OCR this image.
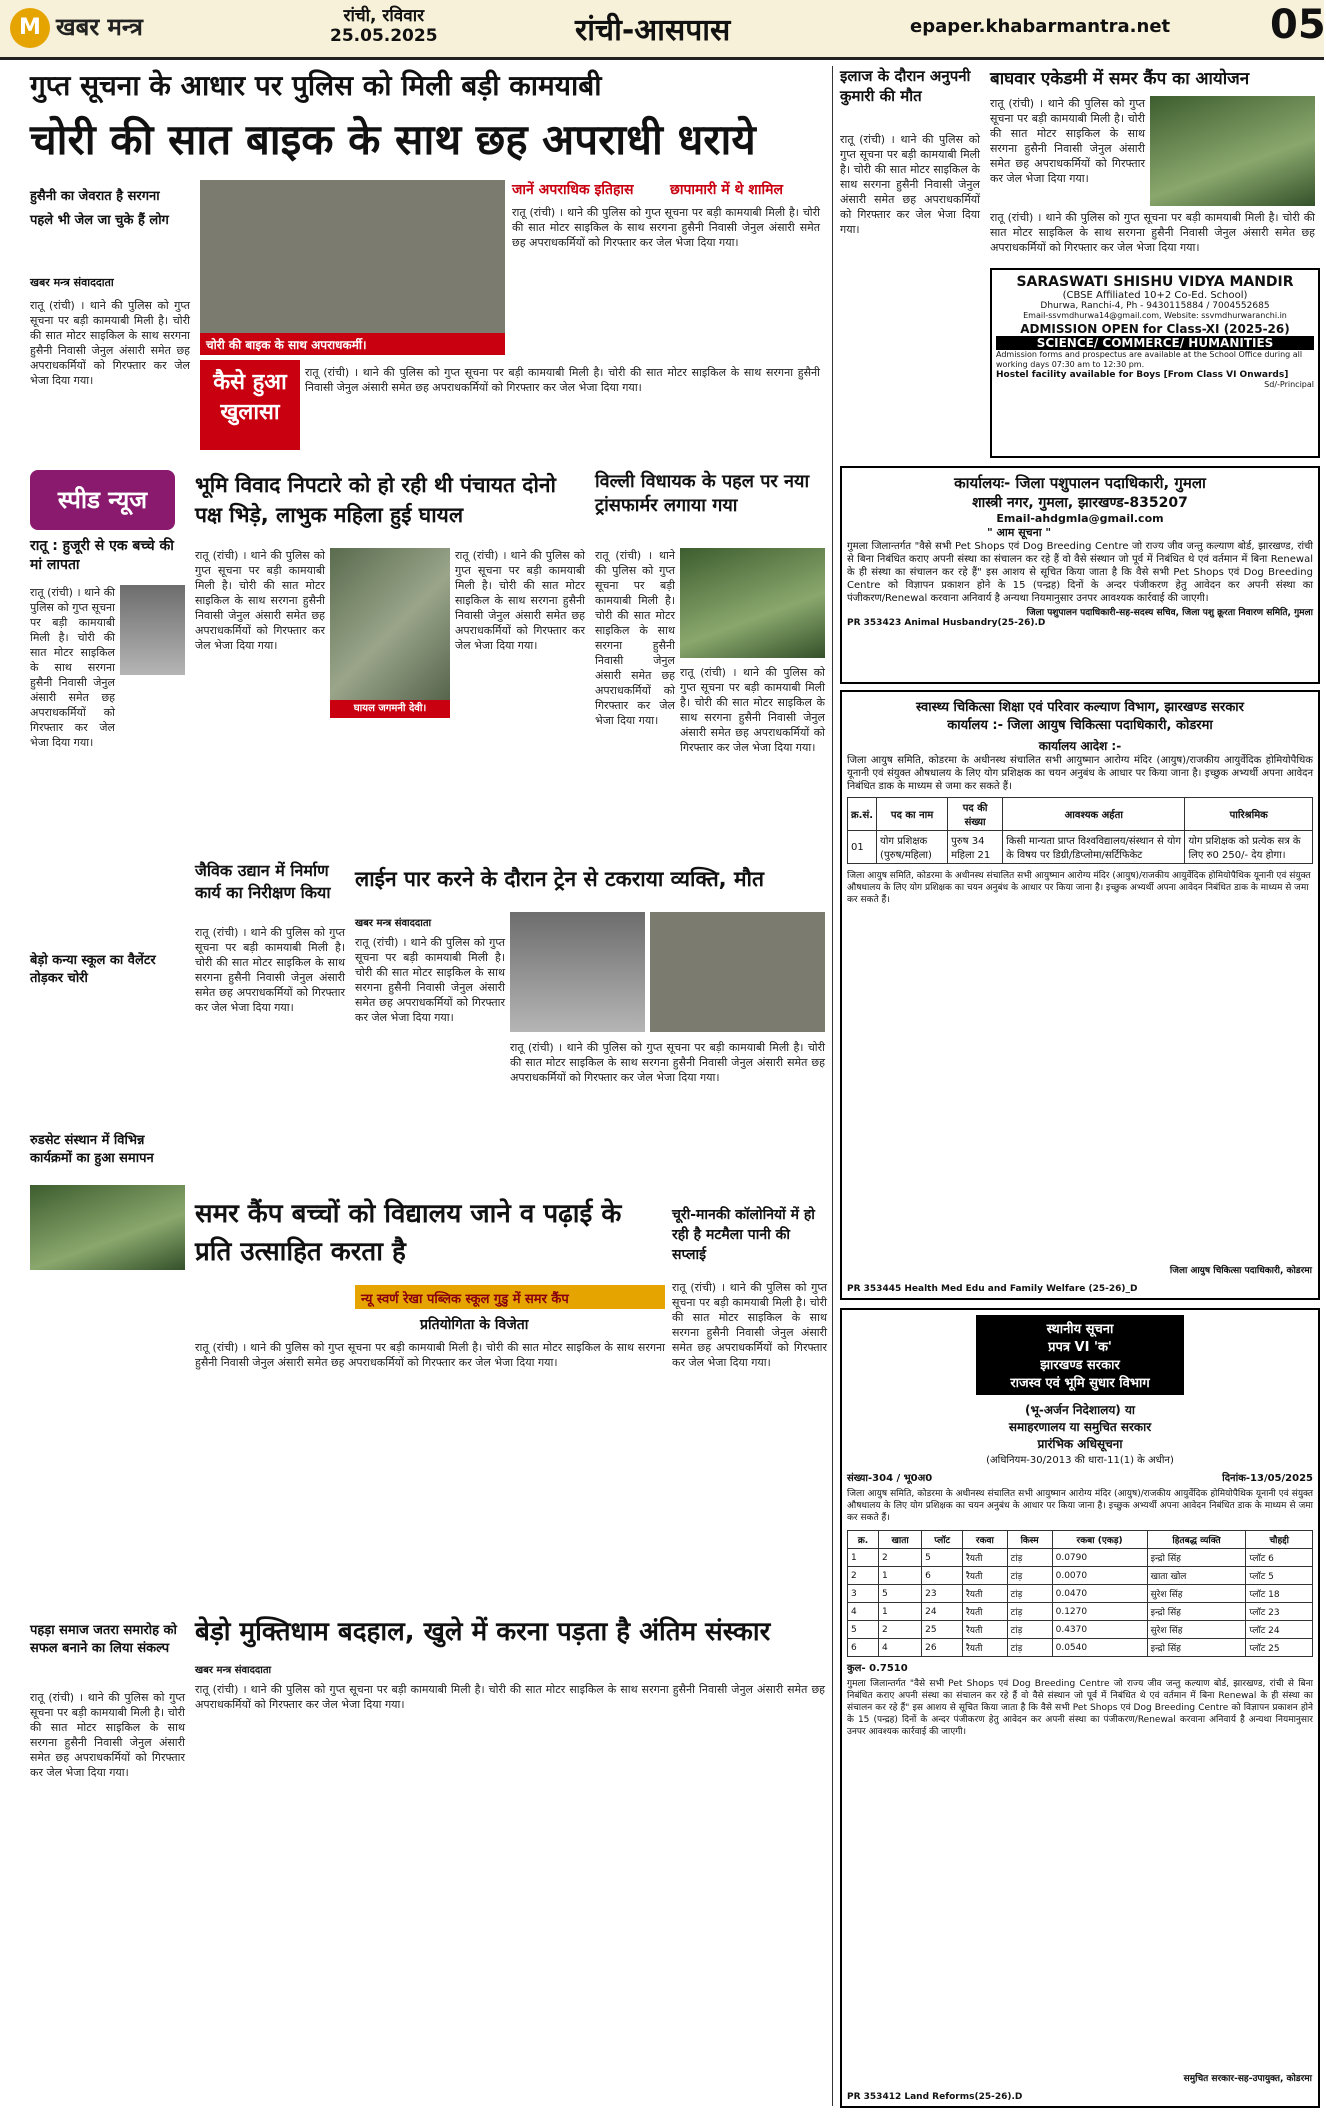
M खबर मन्त्र	रांची, रविवार
25.05.2025	रांची-आसपास	epaper.khabarmantra.net 05
गुप्त सूचना के आधार पर पुलिस को मिली बड़ी कामयाबी
चोरी की सात बाइक के साथ छह अपराधी धराये
हुसैनी का जेवरात है सरगना
पहले भी जेल जा चुके हैं लोग
चोरी की बाइक के साथ अपराधकर्मी।
खबर मन्त्र संवाददाता
रातू (रांची) । थाने की पुलिस को गुप्त सूचना पर बड़ी कामयाबी मिली है। चोरी की सात मोटर साइकिल के साथ सरगना हुसैनी निवासी जेनुल अंसारी समेत छह अपराधकर्मियों को गिरफ्तार कर जेल भेजा दिया गया।
जानें अपराधिक इतिहास	छापामारी में थे शामिल
रातू (रांची) । थाने की पुलिस को गुप्त सूचना पर बड़ी कामयाबी मिली है। चोरी की सात मोटर साइकिल के साथ सरगना हुसैनी निवासी जेनुल अंसारी समेत छह अपराधकर्मियों को गिरफ्तार कर जेल भेजा दिया गया।
कैसे हुआ खुलासा
रातू (रांची) । थाने की पुलिस को गुप्त सूचना पर बड़ी कामयाबी मिली है। चोरी की सात मोटर साइकिल के साथ सरगना हुसैनी निवासी जेनुल अंसारी समेत छह अपराधकर्मियों को गिरफ्तार कर जेल भेजा दिया गया।
स्पीड न्यूज
रातू : हुजूरी से एक बच्चे की मां लापता
रातू (रांची) । थाने की पुलिस को गुप्त सूचना पर बड़ी कामयाबी मिली है। चोरी की सात मोटर साइकिल के साथ सरगना हुसैनी निवासी जेनुल अंसारी समेत छह अपराधकर्मियों को गिरफ्तार कर जेल भेजा दिया गया।
बेड़ो कन्या स्कूल का वैलेंटर तोड़कर चोरी
रुडसेट संस्थान में विभिन्न कार्यक्रमों का हुआ समापन
पहड़ा समाज जतरा समारोह को सफल बनाने का लिया संकल्प
रातू (रांची) । थाने की पुलिस को गुप्त सूचना पर बड़ी कामयाबी मिली है। चोरी की सात मोटर साइकिल के साथ सरगना हुसैनी निवासी जेनुल अंसारी समेत छह अपराधकर्मियों को गिरफ्तार कर जेल भेजा दिया गया।
भूमि विवाद निपटारे को हो रही थी पंचायत दोनो पक्ष भिड़े, लाभुक महिला हुई घायल
घायल जगमनी देवी।
रातू (रांची) । थाने की पुलिस को गुप्त सूचना पर बड़ी कामयाबी मिली है। चोरी की सात मोटर साइकिल के साथ सरगना हुसैनी निवासी जेनुल अंसारी समेत छह अपराधकर्मियों को गिरफ्तार कर जेल भेजा दिया गया।
रातू (रांची) । थाने की पुलिस को गुप्त सूचना पर बड़ी कामयाबी मिली है। चोरी की सात मोटर साइकिल के साथ सरगना हुसैनी निवासी जेनुल अंसारी समेत छह अपराधकर्मियों को गिरफ्तार कर जेल भेजा दिया गया।
विल्ली विधायक के पहल पर नया ट्रांसफार्मर लगाया गया
रातू (रांची) । थाने की पुलिस को गुप्त सूचना पर बड़ी कामयाबी मिली है। चोरी की सात मोटर साइकिल के साथ सरगना हुसैनी निवासी जेनुल अंसारी समेत छह अपराधकर्मियों को गिरफ्तार कर जेल भेजा दिया गया।
रातू (रांची) । थाने की पुलिस को गुप्त सूचना पर बड़ी कामयाबी मिली है। चोरी की सात मोटर साइकिल के साथ सरगना हुसैनी निवासी जेनुल अंसारी समेत छह अपराधकर्मियों को गिरफ्तार कर जेल भेजा दिया गया।
जैविक उद्यान में निर्माण कार्य का निरीक्षण किया
रातू (रांची) । थाने की पुलिस को गुप्त सूचना पर बड़ी कामयाबी मिली है। चोरी की सात मोटर साइकिल के साथ सरगना हुसैनी निवासी जेनुल अंसारी समेत छह अपराधकर्मियों को गिरफ्तार कर जेल भेजा दिया गया।
लाईन पार करने के दौरान ट्रेन से टकराया व्यक्ति, मौत
खबर मन्त्र संवाददाता
रातू (रांची) । थाने की पुलिस को गुप्त सूचना पर बड़ी कामयाबी मिली है। चोरी की सात मोटर साइकिल के साथ सरगना हुसैनी निवासी जेनुल अंसारी समेत छह अपराधकर्मियों को गिरफ्तार कर जेल भेजा दिया गया।
रातू (रांची) । थाने की पुलिस को गुप्त सूचना पर बड़ी कामयाबी मिली है। चोरी की सात मोटर साइकिल के साथ सरगना हुसैनी निवासी जेनुल अंसारी समेत छह अपराधकर्मियों को गिरफ्तार कर जेल भेजा दिया गया।
समर कैंप बच्चों को विद्यालय जाने व पढ़ाई के प्रति उत्साहित करता है
न्यू स्वर्ण रेखा पब्लिक स्कूल गुडु में समर कैंप
प्रतियोगिता के विजेता
रातू (रांची) । थाने की पुलिस को गुप्त सूचना पर बड़ी कामयाबी मिली है। चोरी की सात मोटर साइकिल के साथ सरगना हुसैनी निवासी जेनुल अंसारी समेत छह अपराधकर्मियों को गिरफ्तार कर जेल भेजा दिया गया।
चूरी-मानकी कॉलोनियों में हो रही है मटमैला पानी की सप्लाई
रातू (रांची) । थाने की पुलिस को गुप्त सूचना पर बड़ी कामयाबी मिली है। चोरी की सात मोटर साइकिल के साथ सरगना हुसैनी निवासी जेनुल अंसारी समेत छह अपराधकर्मियों को गिरफ्तार कर जेल भेजा दिया गया।
बेड़ो मुक्तिधाम बदहाल, खुले में करना पड़ता है अंतिम संस्कार
खबर मन्त्र संवाददाता
रातू (रांची) । थाने की पुलिस को गुप्त सूचना पर बड़ी कामयाबी मिली है। चोरी की सात मोटर साइकिल के साथ सरगना हुसैनी निवासी जेनुल अंसारी समेत छह अपराधकर्मियों को गिरफ्तार कर जेल भेजा दिया गया।
इलाज के दौरान अनुपनी कुमारी की मौत
रातू (रांची) । थाने की पुलिस को गुप्त सूचना पर बड़ी कामयाबी मिली है। चोरी की सात मोटर साइकिल के साथ सरगना हुसैनी निवासी जेनुल अंसारी समेत छह अपराधकर्मियों को गिरफ्तार कर जेल भेजा दिया गया।
बाघवार एकेडमी में समर कैंप का आयोजन
रातू (रांची) । थाने की पुलिस को गुप्त सूचना पर बड़ी कामयाबी मिली है। चोरी की सात मोटर साइकिल के साथ सरगना हुसैनी निवासी जेनुल अंसारी समेत छह अपराधकर्मियों को गिरफ्तार कर जेल भेजा दिया गया।
रातू (रांची) । थाने की पुलिस को गुप्त सूचना पर बड़ी कामयाबी मिली है। चोरी की सात मोटर साइकिल के साथ सरगना हुसैनी निवासी जेनुल अंसारी समेत छह अपराधकर्मियों को गिरफ्तार कर जेल भेजा दिया गया।
SARASWATI SHISHU VIDYA MANDIR
(CBSE Affiliated 10+2 Co-Ed. School)
Dhurwa, Ranchi-4, Ph - 9430115884 / 7004552685
Email-ssvmdhurwa14@gmail.com, Website: ssvmdhurwaranchi.in
ADMISSION OPEN for Class-XI (2025-26)
SCIENCE/ COMMERCE/ HUMANITIES
Admission forms and prospectus are available at the School Office during all working days 07:30 am to 12:30 pm.
Hostel facility available for Boys [From Class VI Onwards]
Sd/-Principal
कार्यालयः- जिला पशुपालन पदाधिकारी, गुमला
शास्त्री नगर, गुमला, झारखण्ड-835207
Email-ahdgmla@gmail.com
" आम सूचना "
गुमला जिलान्तर्गत "वैसे सभी Pet Shops एवं Dog Breeding Centre जो राज्य जीव जन्तु कल्याण बोर्ड, झारखण्ड, रांची से बिना निबंधित कराए अपनी संस्था का संचालन कर रहे हैं वो वैसे संस्थान जो पूर्व में निबंधित थे एवं वर्तमान में बिना Renewal के ही संस्था का संचालन कर रहे हैं" इस आशय से सूचित किया जाता है कि वैसे सभी Pet Shops एवं Dog Breeding Centre को विज्ञापन प्रकाशन होने के 15 (पन्द्रह) दिनों के अन्दर पंजीकरण हेतु आवेदन कर अपनी संस्था का पंजीकरण/Renewal करवाना अनिवार्य है अन्यथा नियमानुसार उनपर आवश्यक कार्रवाई की जाएगी।
जिला पशुपालन पदाधिकारी-सह-सदस्य सचिव, जिला पशु क्रूरता निवारण समिति, गुमला
PR 353423 Animal Husbandry(25-26).D
स्वास्थ्य चिकित्सा शिक्षा एवं परिवार कल्याण विभाग, झारखण्ड सरकार
कार्यालय :- जिला आयुष चिकित्सा पदाधिकारी, कोडरमा
कार्यालय आदेश :-
जिला आयुष समिति, कोडरमा के अधीनस्थ संचालित सभी आयुष्मान आरोग्य मंदिर (आयुष)/राजकीय आयुर्वेदिक होमियोपैथिक यूनानी एवं संयुक्त औषधालय के लिए योग प्रशिक्षक का चयन अनुबंध के आधार पर किया जाना है। इच्छुक अभ्यर्थी अपना आवेदन निबंधित डाक के माध्यम से जमा कर सकते हैं।
क्र.सं.	पद का नाम	पद की संख्या	आवश्यक अर्हता	पारिश्रमिक
01	योग प्रशिक्षक (पुरुष/महिला)	पुरुष 34 महिला 21	किसी मान्यता प्राप्त विश्वविद्यालय/संस्थान से योग के विषय पर डिग्री/डिप्लोमा/सर्टिफिकेट	योग प्रशिक्षक को प्रत्येक सत्र के लिए रु0 250/- देय होगा।
जिला आयुष समिति, कोडरमा के अधीनस्थ संचालित सभी आयुष्मान आरोग्य मंदिर (आयुष)/राजकीय आयुर्वेदिक होमियोपैथिक यूनानी एवं संयुक्त औषधालय के लिए योग प्रशिक्षक का चयन अनुबंध के आधार पर किया जाना है। इच्छुक अभ्यर्थी अपना आवेदन निबंधित डाक के माध्यम से जमा कर सकते हैं।
जिला आयुष चिकित्सा पदाधिकारी, कोडरमा
PR 353445 Health Med Edu and Family Welfare (25-26)_D
स्थानीय सूचना
प्रपत्र VI 'क'
झारखण्ड सरकार
राजस्व एवं भूमि सुधार विभाग
(भू-अर्जन निदेशालय) या
समाहरणालय या समुचित सरकार
प्रारंभिक अधिसूचना
(अधिनियम-30/2013 की धारा-11(1) के अधीन)
संख्या-304 / भू0अ0	दिनांक-13/05/2025
जिला आयुष समिति, कोडरमा के अधीनस्थ संचालित सभी आयुष्मान आरोग्य मंदिर (आयुष)/राजकीय आयुर्वेदिक होमियोपैथिक यूनानी एवं संयुक्त औषधालय के लिए योग प्रशिक्षक का चयन अनुबंध के आधार पर किया जाना है। इच्छुक अभ्यर्थी अपना आवेदन निबंधित डाक के माध्यम से जमा कर सकते हैं।
क्र.	खाता	प्लॉट	रकवा	किस्म	रकबा (एकड़)	हितबद्ध व्यक्ति	चौहद्दी
1	2	5	रैयती	टांड़	0.0790	इन्द्रो सिंह	प्लॉट 6
2	1	6	रैयती	टांड़	0.0070	खाता खोल	प्लॉट 5
3	5	23	रैयती	टांड़	0.0470	सुरेश सिंह	प्लॉट 18
4	1	24	रैयती	टांड़	0.1270	इन्द्रो सिंह	प्लॉट 23
5	2	25	रैयती	टांड़	0.4370	सुरेश सिंह	प्लॉट 24
6	4	26	रैयती	टांड़	0.0540	इन्द्रो सिंह	प्लॉट 25
कुल- 0.7510
गुमला जिलान्तर्गत "वैसे सभी Pet Shops एवं Dog Breeding Centre जो राज्य जीव जन्तु कल्याण बोर्ड, झारखण्ड, रांची से बिना निबंधित कराए अपनी संस्था का संचालन कर रहे हैं वो वैसे संस्थान जो पूर्व में निबंधित थे एवं वर्तमान में बिना Renewal के ही संस्था का संचालन कर रहे हैं" इस आशय से सूचित किया जाता है कि वैसे सभी Pet Shops एवं Dog Breeding Centre को विज्ञापन प्रकाशन होने के 15 (पन्द्रह) दिनों के अन्दर पंजीकरण हेतु आवेदन कर अपनी संस्था का पंजीकरण/Renewal करवाना अनिवार्य है अन्यथा नियमानुसार उनपर आवश्यक कार्रवाई की जाएगी।
समुचित सरकार-सह-उपायुक्त, कोडरमा
PR 353412 Land Reforms(25-26).D
